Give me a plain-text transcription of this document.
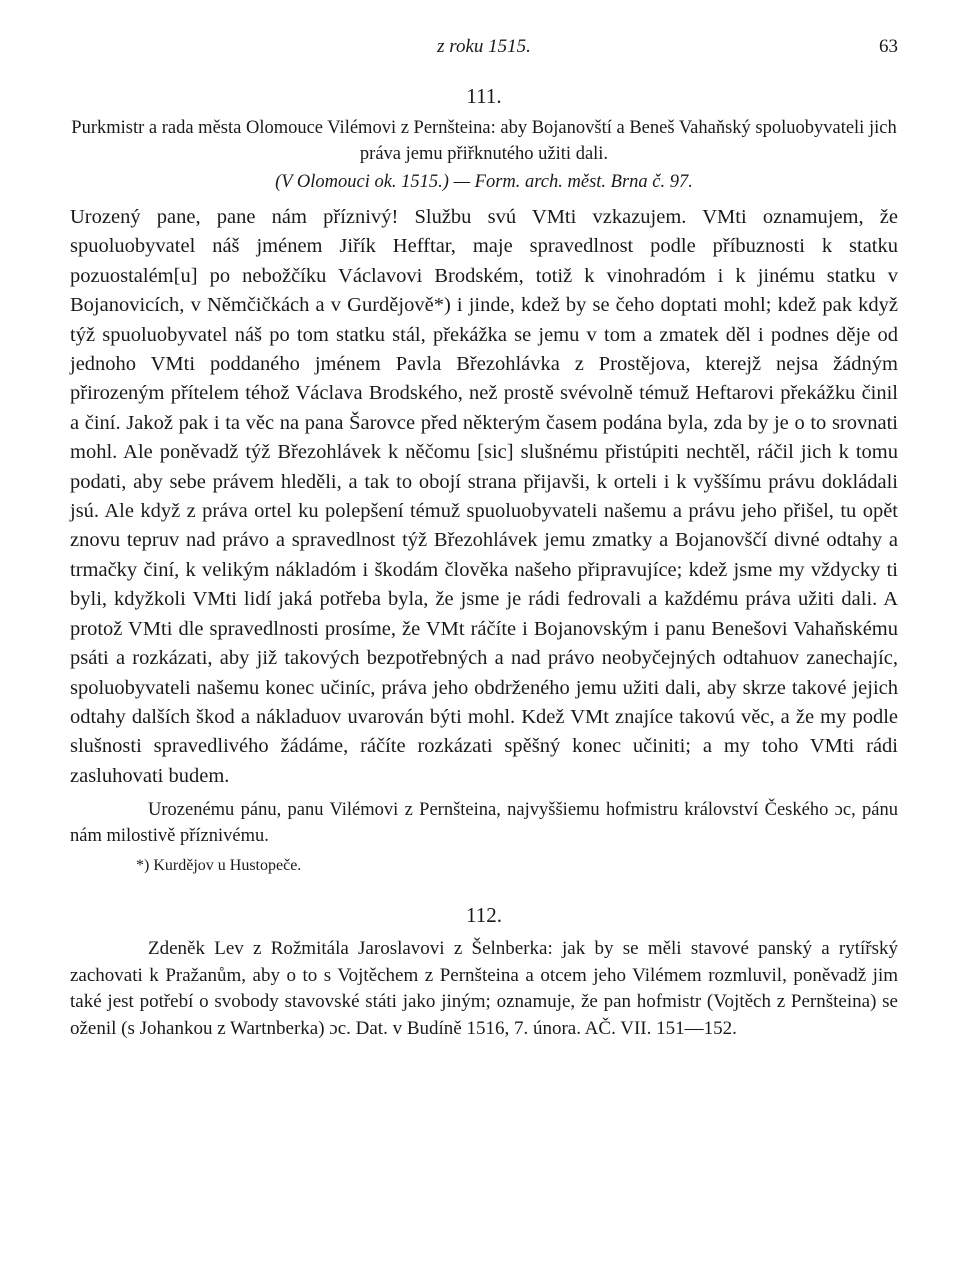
z roku 1515.	63
111.

Purkmistr a rada města Olomouce Vilémovi z Pernšteina: aby Bojanovští a Beneš Vahaňský spoluobyvateli jich práva jemu přiřknutého užiti dali.

(V Olomouci ok. 1515.) — Form. arch. měst. Brna č. 97.

Urozený pane, pane nám příznivý! Službu svú VMti vzkazujem. VMti oznamujem, že spuoluobyvatel náš jménem Jiřík Hefftar, maje spravedlnost podle příbuznosti k statku pozuostalém[u] po nebožčíku Václavovi Brodském, totiž k vinohradóm i k jinému statku v Bojanovicích, v Němčičkách a v Gurdějově*) i jinde, kdež by se čeho doptati mohl; kdež pak když týž spuoluobyvatel náš po tom statku stál, překážka se jemu v tom a zmatek děl i podnes děje od jednoho VMti poddaného jménem Pavla Březohlávka z Prostějova, kterejž nejsa žádným přirozeným přítelem téhož Václava Brodského, než prostě svévolně témuž Heftarovi překážku činil a činí. Jakož pak i ta věc na pana Šarovce před některým časem podána byla, zda by je o to srovnati mohl. Ale poněvadž týž Březohlávek k něčomu [sic] slušnému přistúpiti nechtěl, ráčil jich k tomu podati, aby sebe právem hleděli, a tak to obojí strana přijavši, k orteli i k vyššímu právu dokládali jsú. Ale když z práva ortel ku polepšení témuž spuoluobyvateli našemu a právu jeho přišel, tu opět znovu tepruv nad právo a spravedlnost týž Březohlávek jemu zmatky a Bojanovščí divné odtahy a trmačky činí, k velikým nákladóm i škodám člověka našeho připravujíce; kdež jsme my vždycky ti byli, kdyžkoli VMti lidí jaká potřeba byla, že jsme je rádi fedrovali a každému práva užiti dali. A protož VMti dle spravedlnosti prosíme, že VMt ráčíte i Bojanovským i panu Benešovi Vahaňskému psáti a rozkázati, aby již takových bezpotřebných a nad právo neobyčejných odtahuov zanechajíc, spoluobyvateli našemu konec učiníc, práva jeho obdrženého jemu užiti dali, aby skrze takové jejich odtahy dalších škod a nákladuov uvarován býti mohl. Kdež VMt znajíce takovú věc, a že my podle slušnosti spravedlivého žádáme, ráčíte rozkázati spěšný konec učiniti; a my toho VMti rádi zasluhovati budem.

Urozenému pánu, panu Vilémovi z Pernšteina, najvyššiemu hofmistru království Českého ɔc, pánu nám milostivě příznivému.

*) Kurdějov u Hustopeče.
112.

Zdeněk Lev z Rožmitála Jaroslavovi z Šelnberka: jak by se měli stavové panský a rytířský zachovati k Pražanům, aby o to s Vojtěchem z Pernšteina a otcem jeho Vilémem rozmluvil, poněvadž jim také jest potřebí o svobody stavovské státi jako jiným; oznamuje, že pan hofmistr (Vojtěch z Pernšteina) se oženil (s Johankou z Wartnberka) ɔc. Dat. v Budíně 1516, 7. února. AČ. VII. 151—152.
